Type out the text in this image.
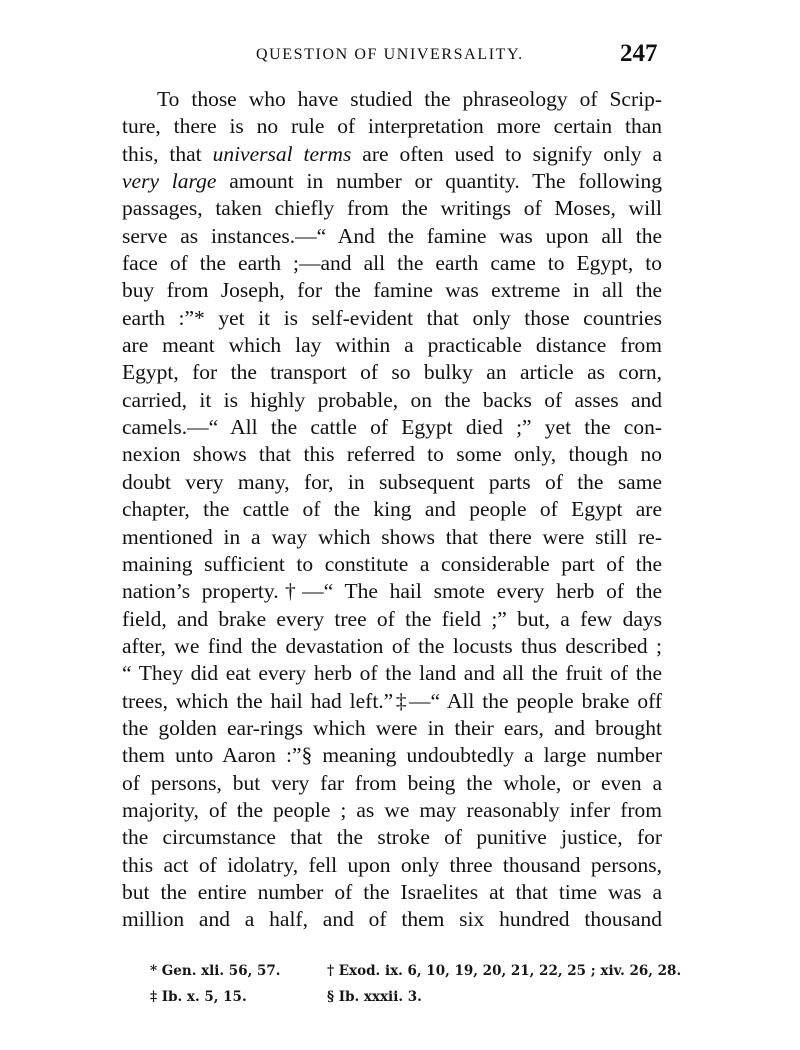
QUESTION OF UNIVERSALITY.	247
To those who have studied the phraseology of Scrip-
ture, there is no rule of interpretation more certain than
this, that universal terms are often used to signify only a
very large amount in number or quantity. The following
passages, taken chiefly from the writings of Moses, will
serve as instances.—“ And the famine was upon all the
face of the earth ;—and all the earth came to Egypt, to
buy from Joseph, for the famine was extreme in all the
earth :”* yet it is self-evident that only those countries
are meant which lay within a practicable distance from
Egypt, for the transport of so bulky an article as corn,
carried, it is highly probable, on the backs of asses and
camels.—“ All the cattle of Egypt died ;” yet the con-
nexion shows that this referred to some only, though no
doubt very many, for, in subsequent parts of the same
chapter, the cattle of the king and people of Egypt are
mentioned in a way which shows that there were still re-
maining sufficient to constitute a considerable part of the
nation’s property.†—“ The hail smote every herb of the
field, and brake every tree of the field ;” but, a few days
after, we find the devastation of the locusts thus described ;
“ They did eat every herb of the land and all the fruit of the
trees, which the hail had left.”‡—“ All the people brake off
the golden ear-rings which were in their ears, and brought
them unto Aaron :”§ meaning undoubtedly a large number
of persons, but very far from being the whole, or even a
majority, of the people ; as we may reasonably infer from
the circumstance that the stroke of punitive justice, for
this act of idolatry, fell upon only three thousand persons,
but the entire number of the Israelites at that time was a
million and a half, and of them six hundred thousand
* Gen. xli. 56, 57.	† Exod. ix. 6, 10, 19, 20, 21, 22, 25 ; xiv. 26, 28.
‡ Ib. x. 5, 15.	§ Ib. xxxii. 3.
